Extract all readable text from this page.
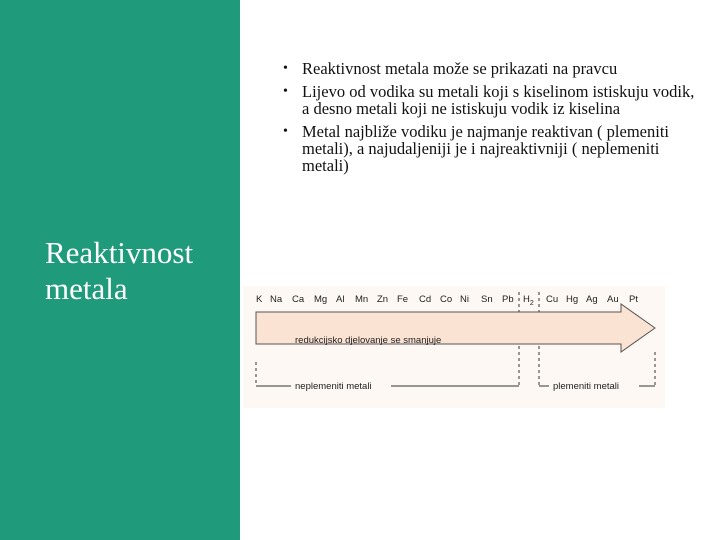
Reaktivnost metala
• Reaktivnost metala može se prikazati na pravcu
• Lijevo od vodika su metali koji s kiselinom istiskuju vodik, a desno metali koji ne istiskuju vodik iz kiselina
• Metal najbliže vodiku je najmanje reaktivan ( plemeniti metali), a najudaljeniji je i najreaktivniji ( neplemeniti metali)
K Na Ca Mg Al Mn Zn Fe Cd Co Ni Sn Pb $H_2$ Cu Hg Ag Au Pt
redukcijsko djelovanje se smanjuje
neplemeniti metali	plemeniti metali
